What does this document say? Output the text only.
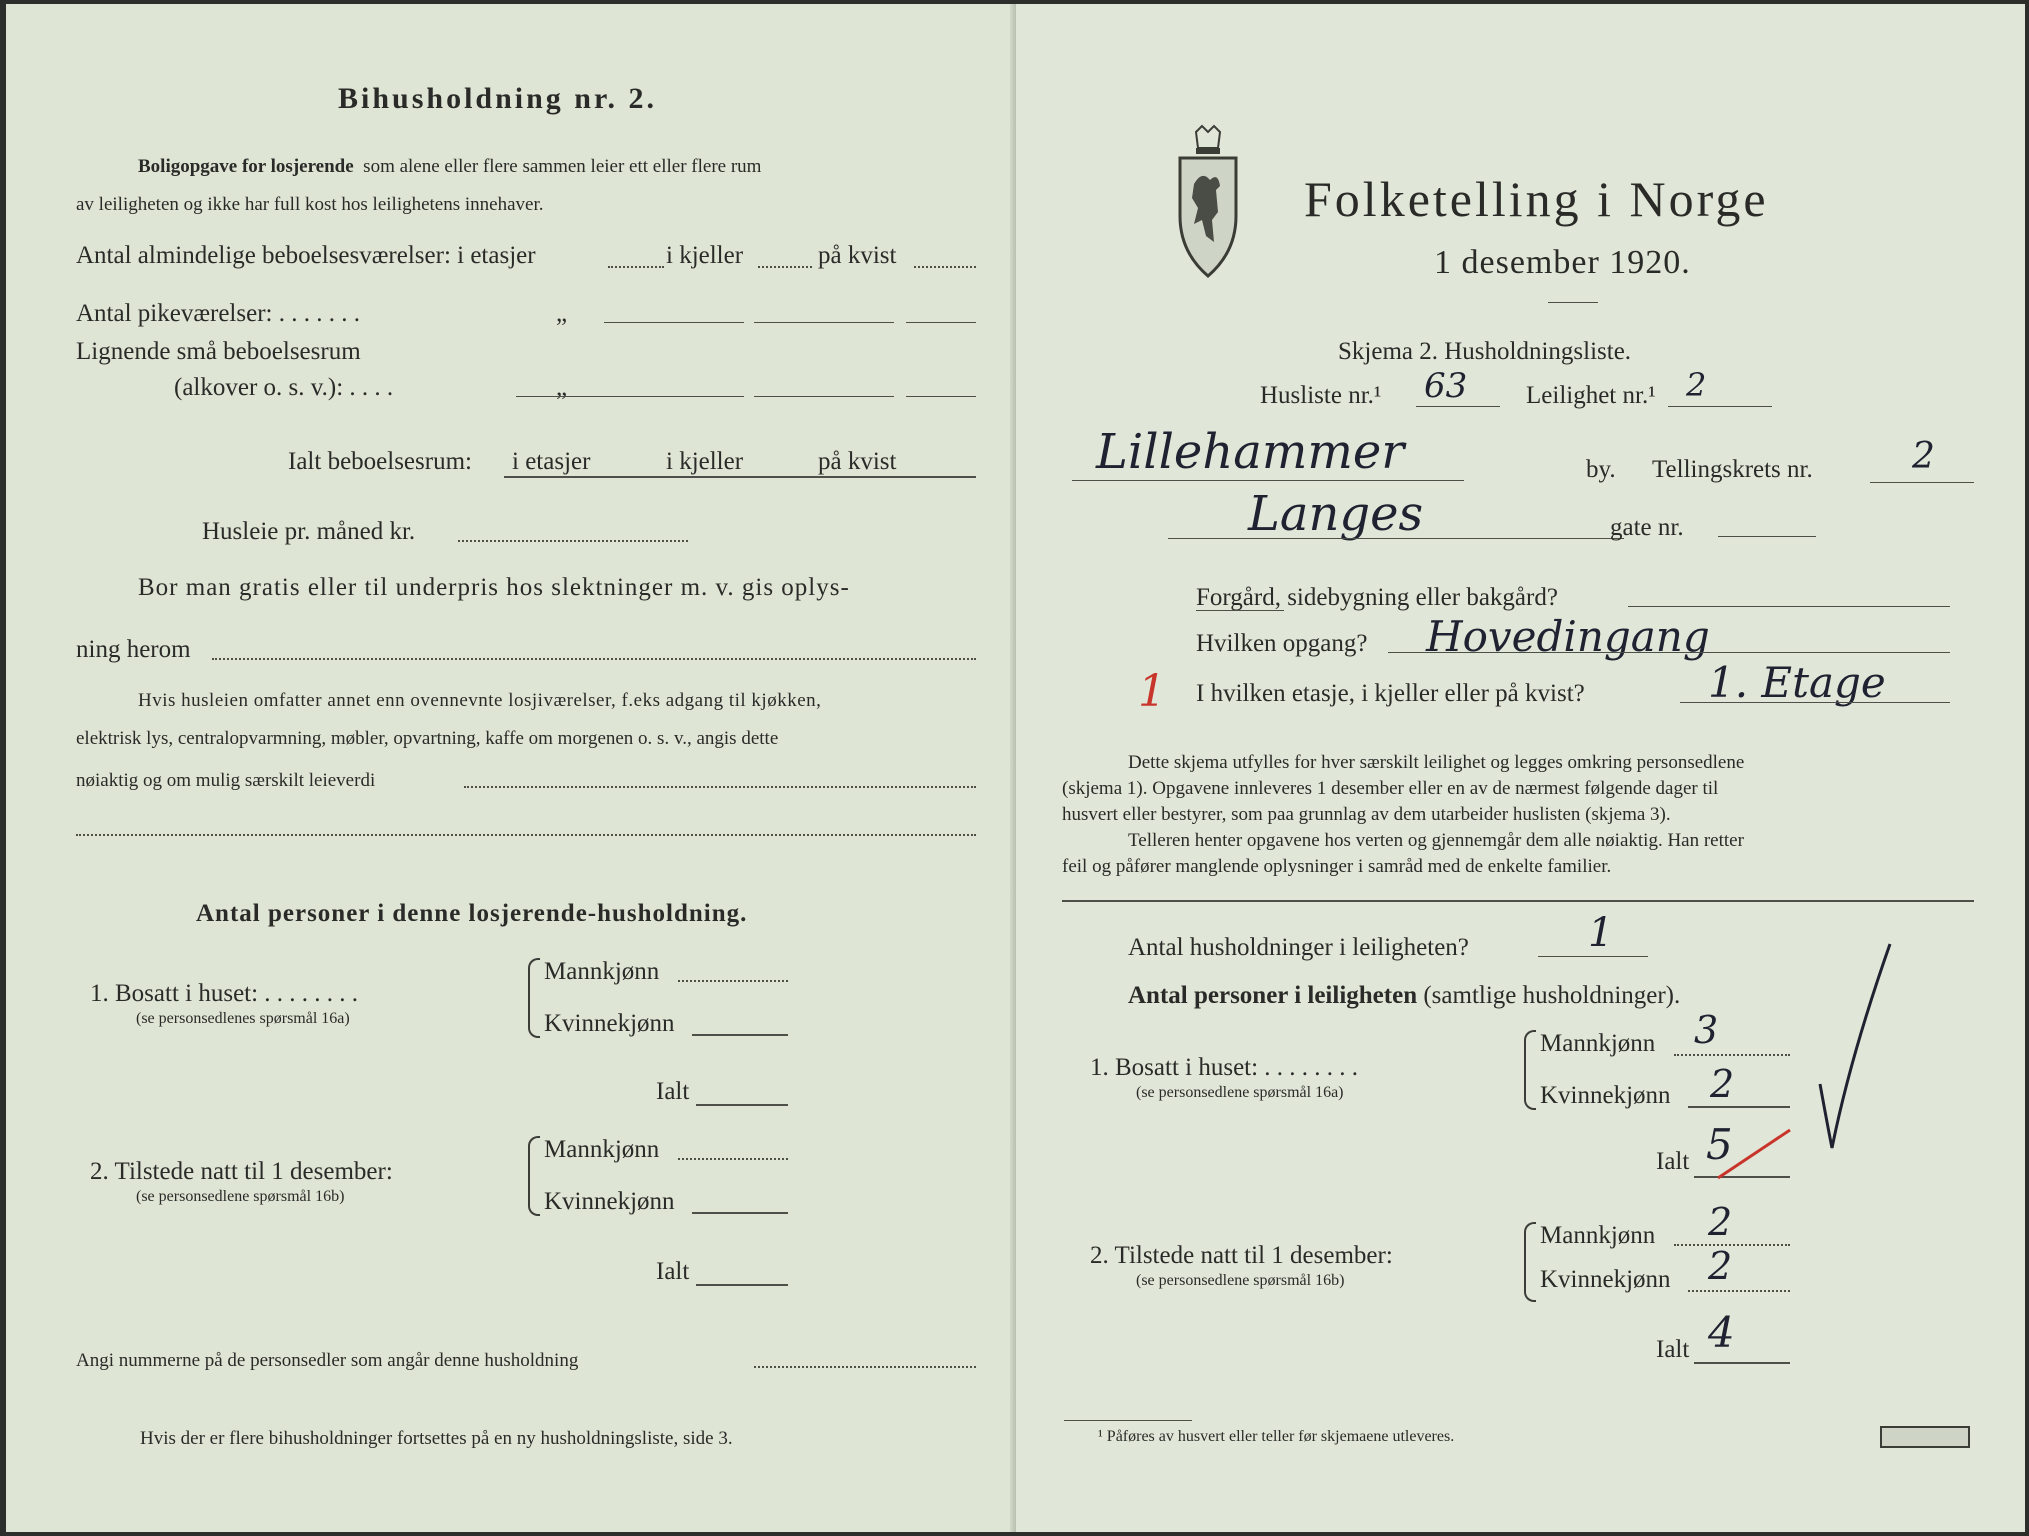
Bihusholdning nr. 2.
Boligopgave for losjerende som alene eller flere sammen leier ett eller flere rum
av leiligheten og ikke har full kost hos leilighetens innehaver.
Antal almindelige beboelsesværelser: i etasjer	i kjeller	på kvist
Antal pikeværelser: . . . . . . .	„
Lignende små beboelsesrum
(alkover o. s. v.): . . . .	„
Ialt beboelsesrum: i etasjer	i kjeller	på kvist
Husleie pr. måned kr.
Bor man gratis eller til underpris hos slektninger m. v. gis oplys-
ning herom
Hvis husleien omfatter annet enn ovennevnte losjiværelser, f.eks adgang til kjøkken,
elektrisk lys, centralopvarmning, møbler, opvartning, kaffe om morgenen o. s. v., angis dette
nøiaktig og om mulig særskilt leieverdi
Antal personer i denne losjerende-husholdning.
1. Bosatt i huset: . . . . . . . .
(se personsedlenes spørsmål 16a)
Mannkjønn
Kvinnekjønn
Ialt
2. Tilstede natt til 1 desember:
(se personsedlene spørsmål 16b)
Mannkjønn
Kvinnekjønn
Ialt
Angi nummerne på de personsedler som angår denne husholdning
Hvis der er flere bihusholdninger fortsettes på en ny husholdningsliste, side 3.
Folketelling i Norge
1 desember 1920.
Skjema 2. Husholdningsliste.
Husliste nr.¹ 63 Leilighet nr.¹ 2
Lillehammer	by. Tellingskrets nr.	2
Langes	gate nr.
Forgård, sidebygning eller bakgård?
Hvilken opgang? Hovedingang
1 I hvilken etasje, i kjeller eller på kvist?	1. Etage
Dette skjema utfylles for hver særskilt leilighet og legges omkring personsedlene
(skjema 1). Opgavene innleveres 1 desember eller en av de nærmest følgende dager til
husvert eller bestyrer, som paa grunnlag av dem utarbeider huslisten (skjema 3).
Telleren henter opgavene hos verten og gjennemgår dem alle nøiaktig. Han retter
feil og påfører manglende oplysninger i samråd med de enkelte familier.
Antal husholdninger i leiligheten?	1
Antal personer i leiligheten (samtlige husholdninger).
1. Bosatt i huset: . . . . . . . .
(se personsedlene spørsmål 16a)
Mannkjønn 3
Kvinnekjønn 2
Ialt 5
2. Tilstede natt til 1 desember:
(se personsedlene spørsmål 16b)
Mannkjønn 2
Kvinnekjønn 2
Ialt 4
¹ Påføres av husvert eller teller før skjemaene utleveres.
